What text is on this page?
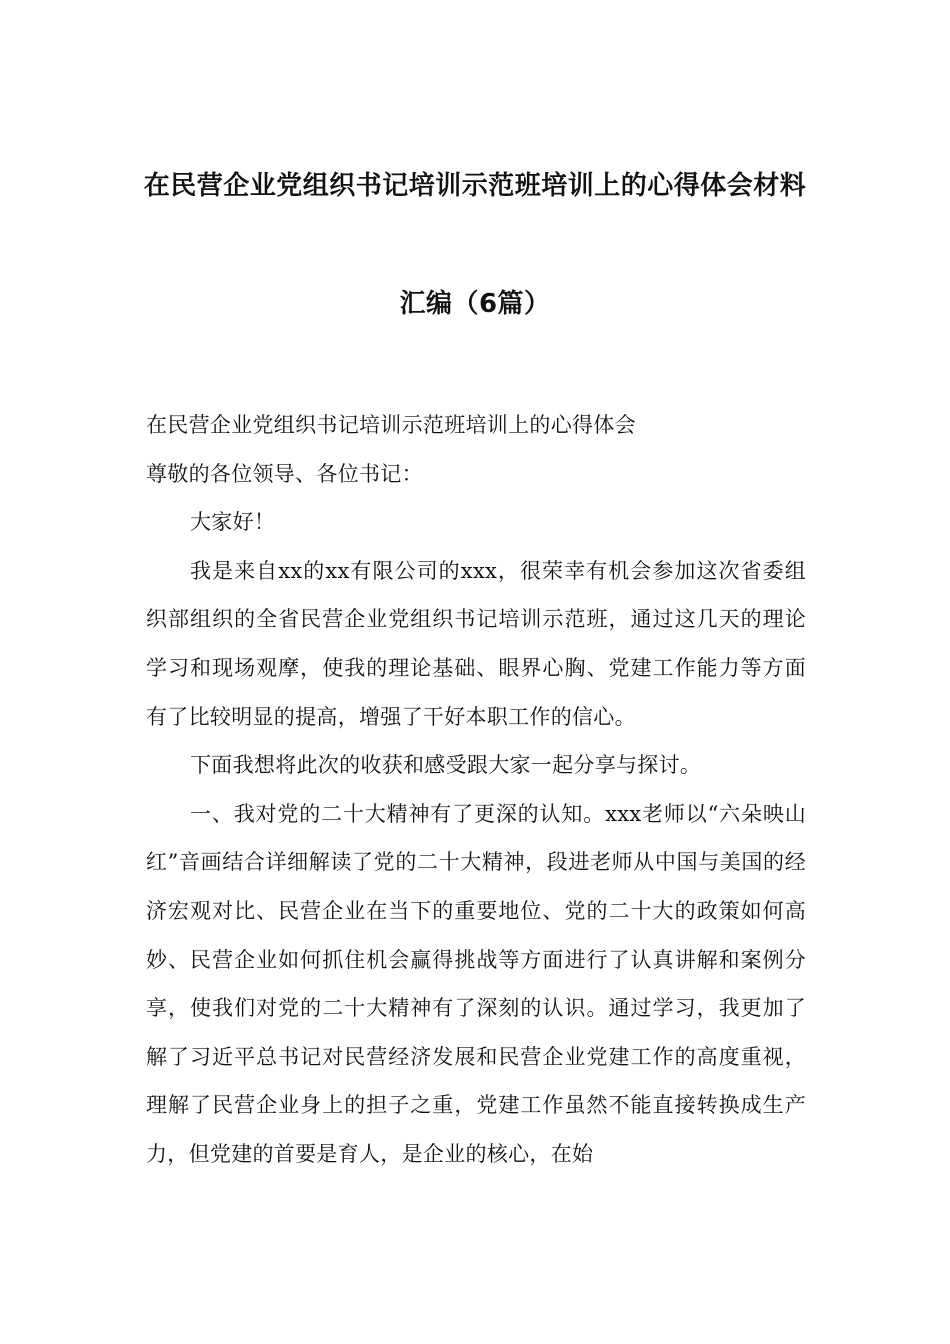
在民营企业党组织书记培训示范班培训上的心得体会材料
汇编（6篇）

在民营企业党组织书记培训示范班培训上的心得体会

尊敬的各位领导、各位书记：

大家好！

我是来自xx的xx有限公司的xxx，很荣幸有机会参加这次省委组织部组织的全省民营企业党组织书记培训示范班，通过这几天的理论学习和现场观摩，使我的理论基础、眼界心胸、党建工作能力等方面有了比较明显的提高，增强了干好本职工作的信心。

下面我想将此次的收获和感受跟大家一起分享与探讨。

一、我对党的二十大精神有了更深的认知。xxx老师以“六朵映山红”音画结合详细解读了党的二十大精神，段进老师从中国与美国的经济宏观对比、民营企业在当下的重要地位、党的二十大的政策如何高妙、民营企业如何抓住机会赢得挑战等方面进行了认真讲解和案例分享，使我们对党的二十大精神有了深刻的认识。通过学习，我更加了解了习近平总书记对民营经济发展和民营企业党建工作的高度重视，理解了民营企业身上的担子之重，党建工作虽然不能直接转换成生产力，但党建的首要是育人，是企业的核心，在始
